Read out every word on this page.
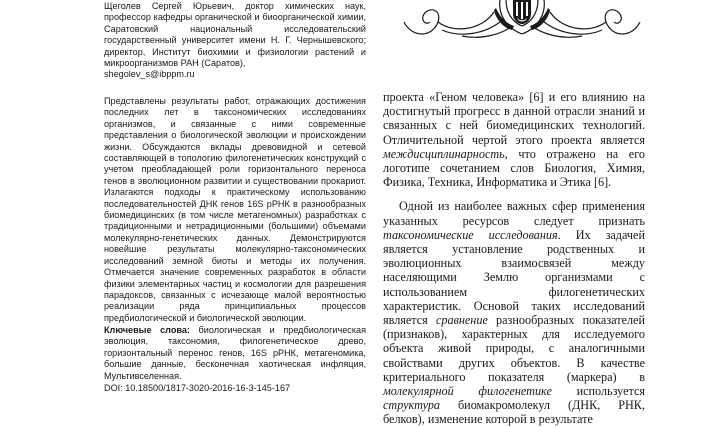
Щеголев Сергей Юрьевич, доктор химических наук, профессор кафедры органической и биоорганической химии, Саратовский национальный исследовательский государственный университет имени Н. Г. Чернышевского; директор, Институт биохимии и физиологии растений и микроорганизмов РАН (Саратов),

shegolev_s@ibppm.ru

Представлены результаты работ, отражающих достижения последних лет в таксономических исследованиях организмов, и связанные с ними современные представления о биологической эволюции и происхождении жизни. Обсуждаются вклады древовидной и сетевой составляющей в топологию филогенетических конструкций с учетом преобладающей роли горизонтального переноса генов в эволюционном развитии и существовании прокариот. Излагаются подходы к практическому использованию последовательностей ДНК генов 16S рРНК в разнообразных биомедицинских (в том числе метагеномных) разработках с традиционными и нетрадиционными (большими) объемами молекулярно-генетических данных. Демонстрируются новейшие результаты молекулярно-таксономических исследований земной биоты и методы их получения. Отмечается значение современных разработок в области физики элементарных частиц и космологии для разрешения парадоксов, связанных с исчезающе малой вероятностью реализации ряда принципиальных процессов предбиологической и биологической эволюции.

Ключевые слова: биологическая и предбиологическая эволюция, таксономия, филогенетическое древо, горизонтальный перенос генов, 16S рРНК, метагеномика, большие данные, бесконечная хаотическая инфляция, Мультивселенная.

DOI: 10.18500/1817-3020-2016-16-3-145-167

проекта «Геном человека» [6] и его влиянию на достигнутый прогресс в данной отрасли знаний и связанных с ней биомедицинских технологий. Отличительной чертой этого проекта является междисциплинарность, что отражено на его логотипе сочетанием слов Биология, Химия, Физика, Техника, Информатика и Этика [6].

Одной из наиболее важных сфер применения указанных ресурсов следует признать таксономические исследования. Их задачей является установление родственных и эволюционных взаимосвязей между населяющими Землю организмами с использованием филогенетических характеристик. Основой таких исследований является сравнение разнообразных показателей (признаков), характерных для исследуемого объекта живой природы, с аналогичными свойствами других объектов. В качестве критериального показателя (маркера) в молекулярной филогенетике используется структура биомакромолекул (ДНК, РНК, белков), изменение которой в результате
